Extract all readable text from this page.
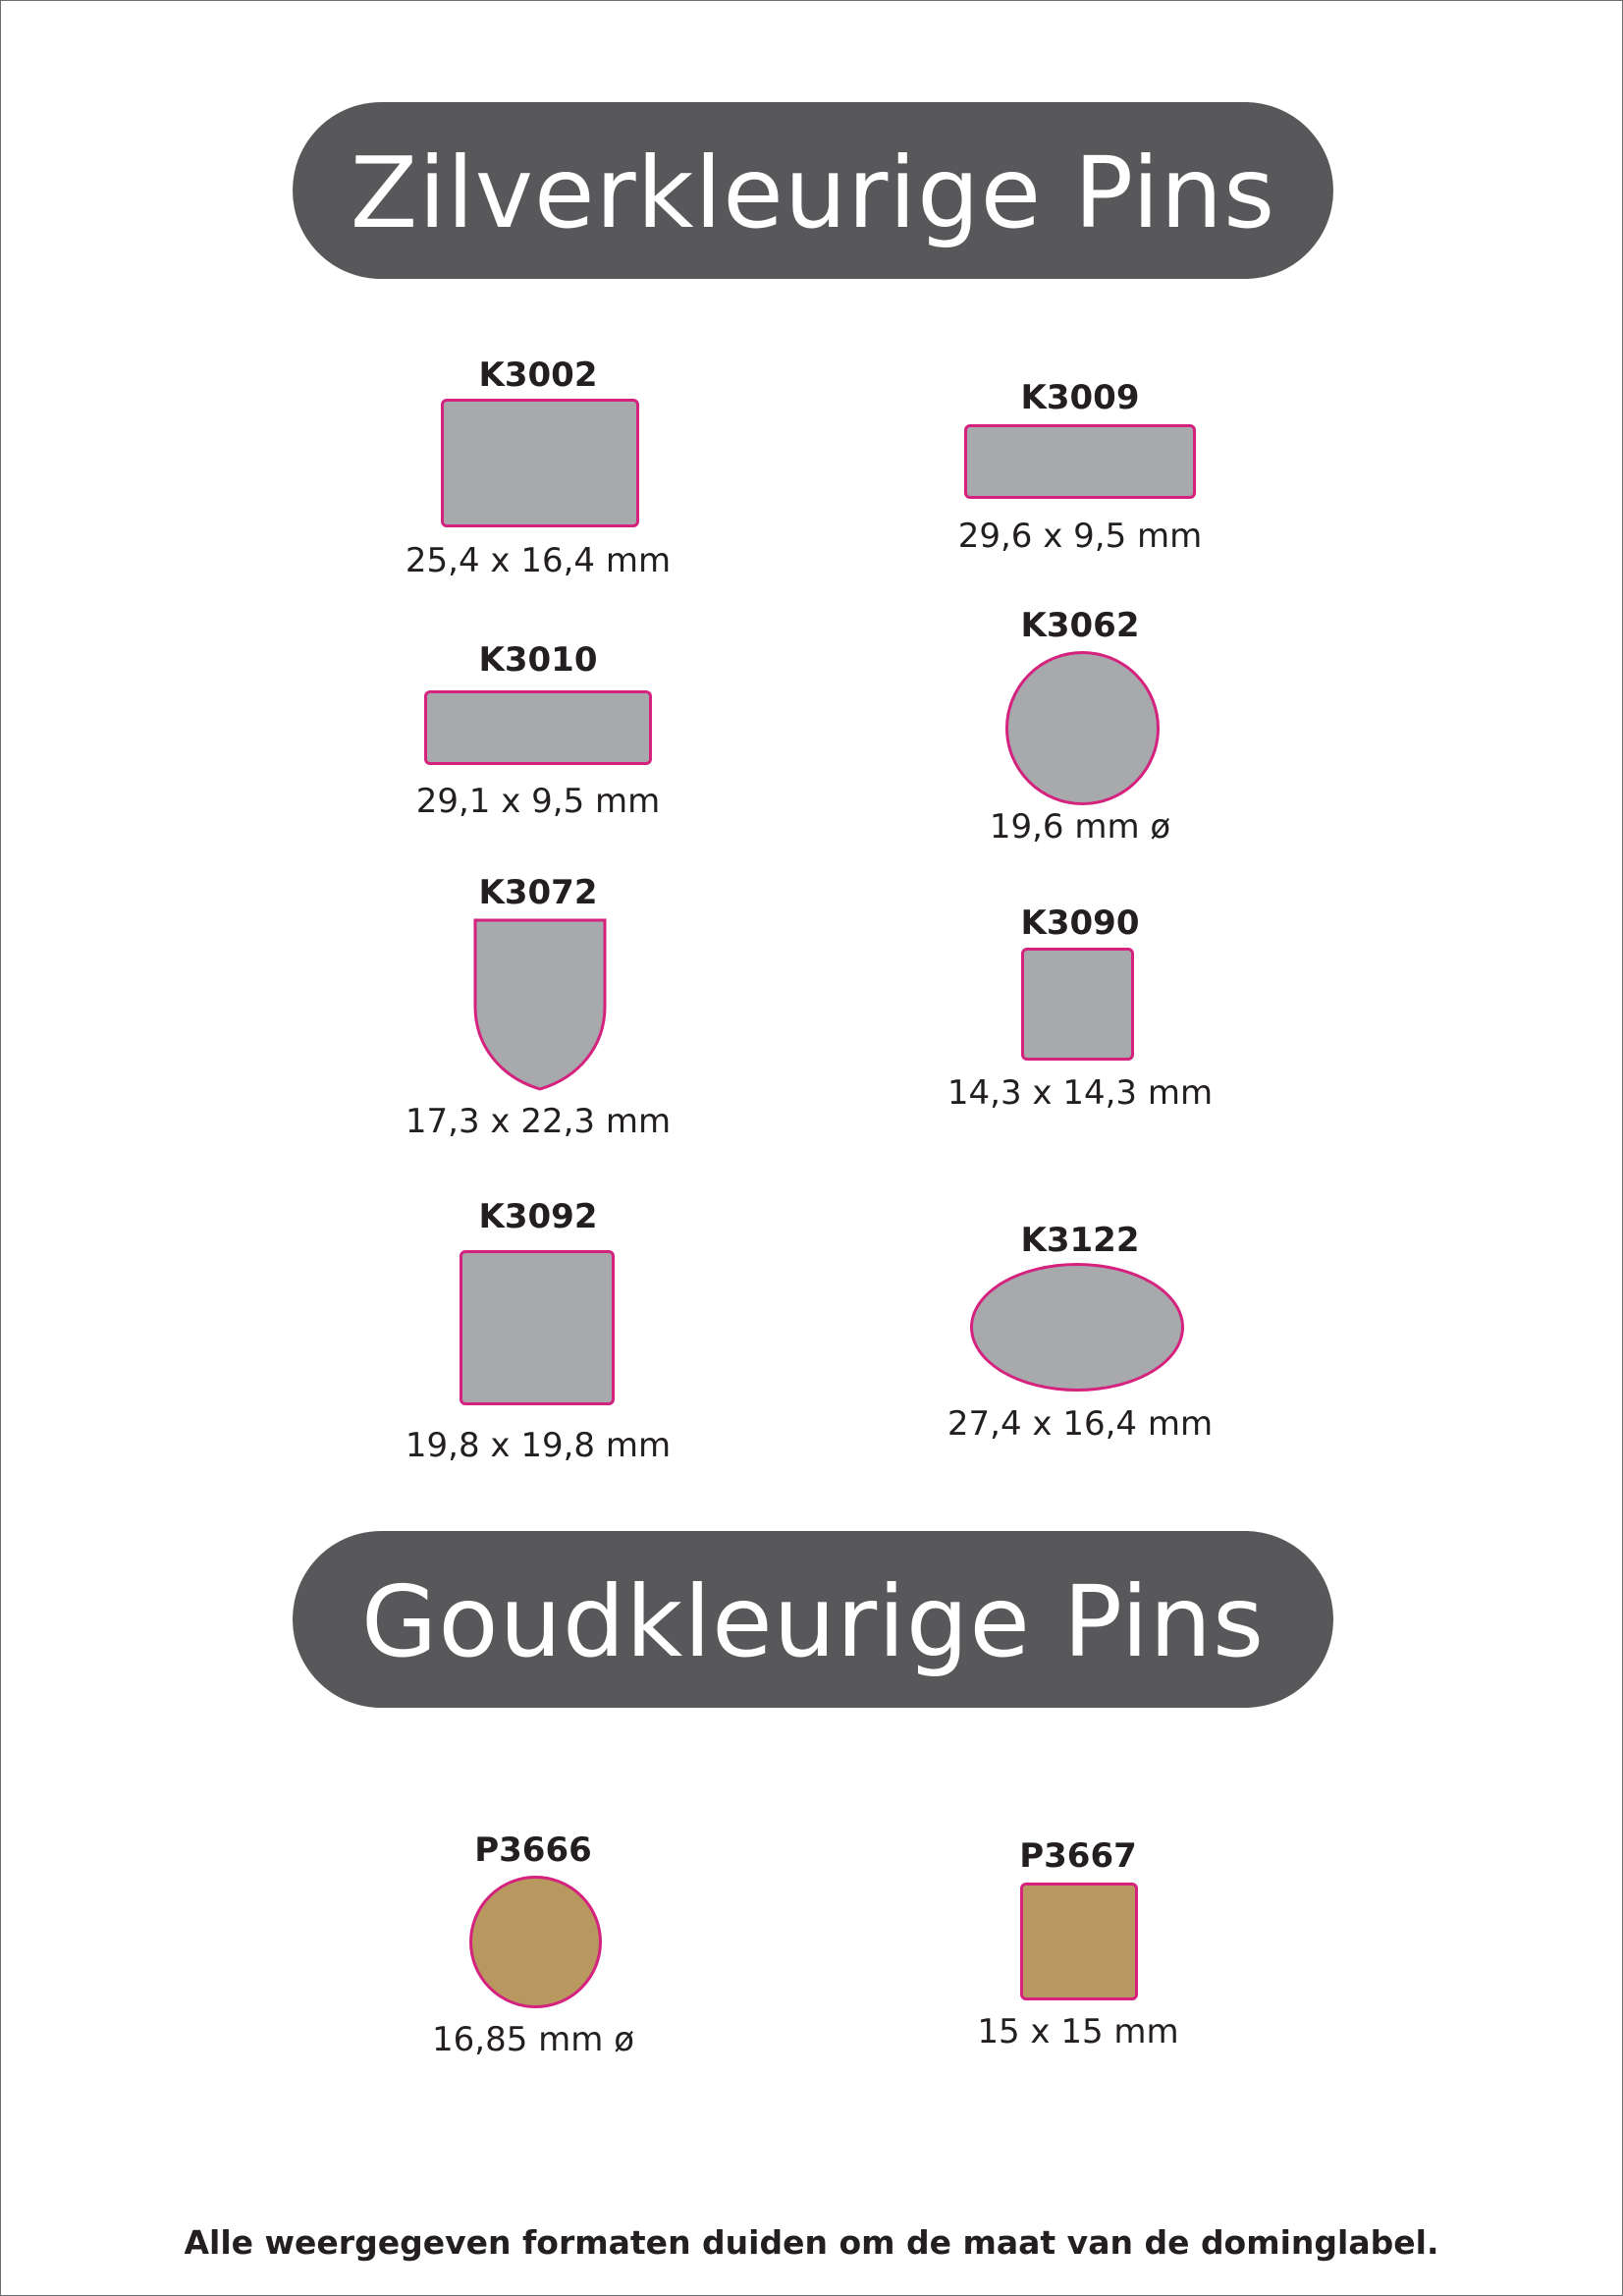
Zilverkleurige Pins
K3002
25,4 x 16,4 mm
K3009
29,6 x 9,5 mm
K3010
29,1 x 9,5 mm
K3062
19,6 mm ø
K3072
17,3 x 22,3 mm
K3090
14,3 x 14,3 mm
K3092
19,8 x 19,8 mm
K3122
27,4 x 16,4 mm
Goudkleurige Pins
P3666
16,85 mm ø
P3667
15 x 15 mm
Alle weergegeven formaten duiden om de maat van de dominglabel.
